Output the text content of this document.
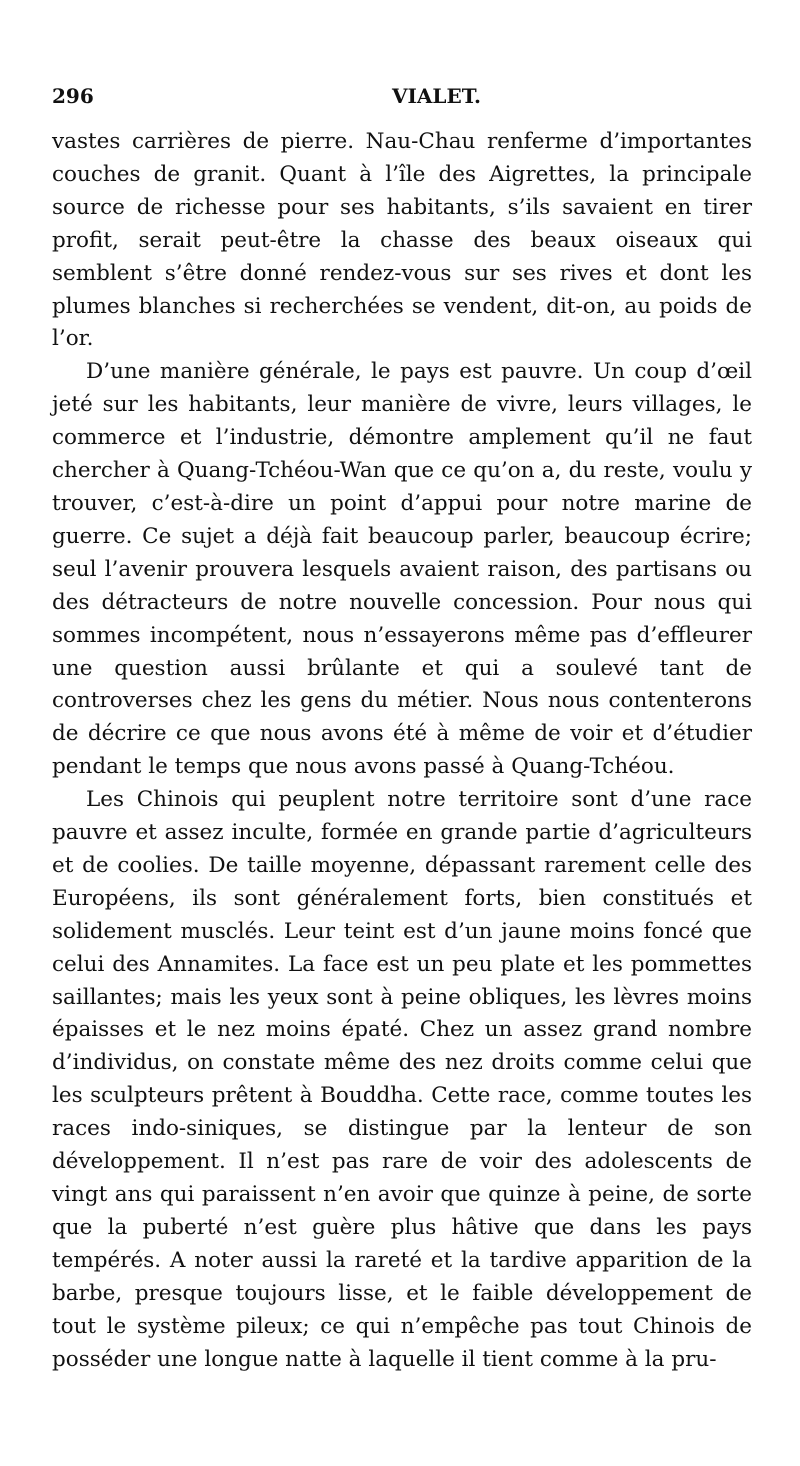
296	VIALET.

vastes carrières de pierre. Nau-Chau renferme d’importantes couches de granit. Quant à l’île des Aigrettes, la principale source de richesse pour ses habitants, s’ils savaient en tirer profit, serait peut-être la chasse des beaux oiseaux qui semblent s’être donné rendez-vous sur ses rives et dont les plumes blanches si recherchées se vendent, dit-on, au poids de l’or.

D’une manière générale, le pays est pauvre. Un coup d’œil jeté sur les habitants, leur manière de vivre, leurs villages, le commerce et l’industrie, démontre amplement qu’il ne faut chercher à Quang-Tchéou-Wan que ce qu’on a, du reste, voulu y trouver, c’est-à-dire un point d’appui pour notre marine de guerre. Ce sujet a déjà fait beaucoup parler, beaucoup écrire; seul l’avenir prouvera lesquels avaient raison, des partisans ou des détracteurs de notre nouvelle concession. Pour nous qui sommes incompétent, nous n’essayerons même pas d’effleurer une question aussi brûlante et qui a soulevé tant de controverses chez les gens du métier. Nous nous contenterons de décrire ce que nous avons été à même de voir et d’étudier pendant le temps que nous avons passé à Quang-Tchéou.

Les Chinois qui peuplent notre territoire sont d’une race pauvre et assez inculte, formée en grande partie d’agriculteurs et de coolies. De taille moyenne, dépassant rarement celle des Européens, ils sont généralement forts, bien constitués et solidement musclés. Leur teint est d’un jaune moins foncé que celui des Annamites. La face est un peu plate et les pommettes saillantes; mais les yeux sont à peine obliques, les lèvres moins épaisses et le nez moins épaté. Chez un assez grand nombre d’individus, on constate même des nez droits comme celui que les sculpteurs prêtent à Bouddha. Cette race, comme toutes les races indo-siniques, se distingue par la lenteur de son développement. Il n’est pas rare de voir des adolescents de vingt ans qui paraissent n’en avoir que quinze à peine, de sorte que la puberté n’est guère plus hâtive que dans les pays tempérés. A noter aussi la rareté et la tardive apparition de la barbe, presque toujours lisse, et le faible développement de tout le système pileux; ce qui n’empêche pas tout Chinois de posséder une longue natte à laquelle il tient comme à la pru-
